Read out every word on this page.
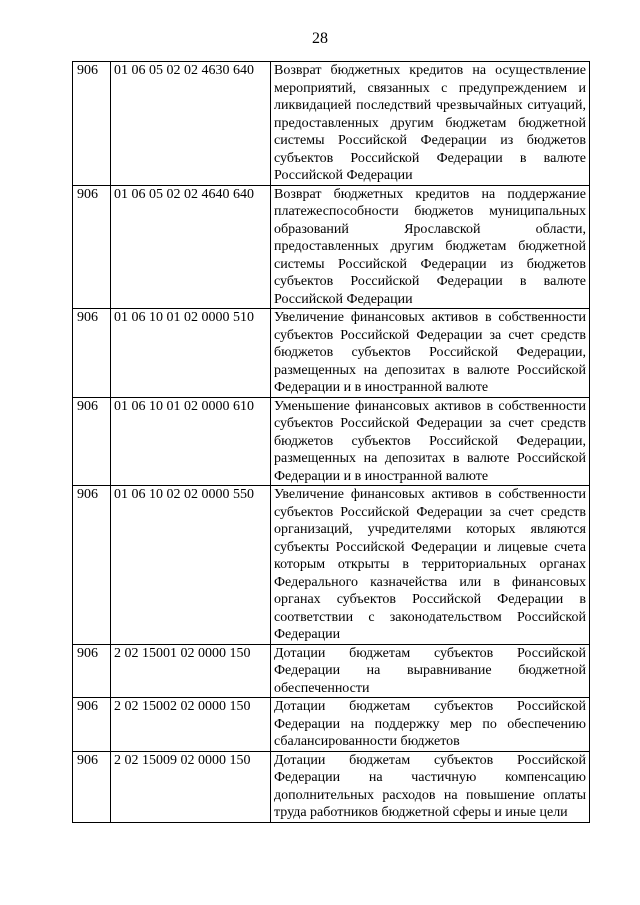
28
906	01 06 05 02 02 4630 640	Возврат бюджетных кредитов на осуществление мероприятий, связанных с предупреждением и ликвидацией последствий чрезвычайных ситуаций, предоставленных другим бюджетам бюджетной системы Российской Федерации из бюджетов субъектов Российской Федерации в валюте Российской Федерации
906	01 06 05 02 02 4640 640	Возврат бюджетных кредитов на поддержание платежеспособности бюджетов муниципальных образований Ярославской области, предоставленных другим бюджетам бюджетной системы Российской Федерации из бюджетов субъектов Российской Федерации в валюте Российской Федерации
906	01 06 10 01 02 0000 510	Увеличение финансовых активов в собственности субъектов Российской Федерации за счет средств бюджетов субъектов Российской Федерации, размещенных на депозитах в валюте Российской Федерации и в иностранной валюте
906	01 06 10 01 02 0000 610	Уменьшение финансовых активов в собственности субъектов Российской Федерации за счет средств бюджетов субъектов Российской Федерации, размещенных на депозитах в валюте Российской Федерации и в иностранной валюте
906	01 06 10 02 02 0000 550	Увеличение финансовых активов в собственности субъектов Российской Федерации за счет средств организаций, учредителями которых являются субъекты Российской Федерации и лицевые счета которым открыты в территориальных органах Федерального казначейства или в финансовых органах субъектов Российской Федерации в соответствии с законодательством Российской Федерации
906	2 02 15001 02 0000 150	Дотации бюджетам субъектов Российской Федерации на выравнивание бюджетной обеспеченности
906	2 02 15002 02 0000 150	Дотации бюджетам субъектов Российской Федерации на поддержку мер по обеспечению сбалансированности бюджетов
906	2 02 15009 02 0000 150	Дотации бюджетам субъектов Российской Федерации на частичную компенсацию дополнительных расходов на повышение оплаты труда работников бюджетной сферы и иные цели
